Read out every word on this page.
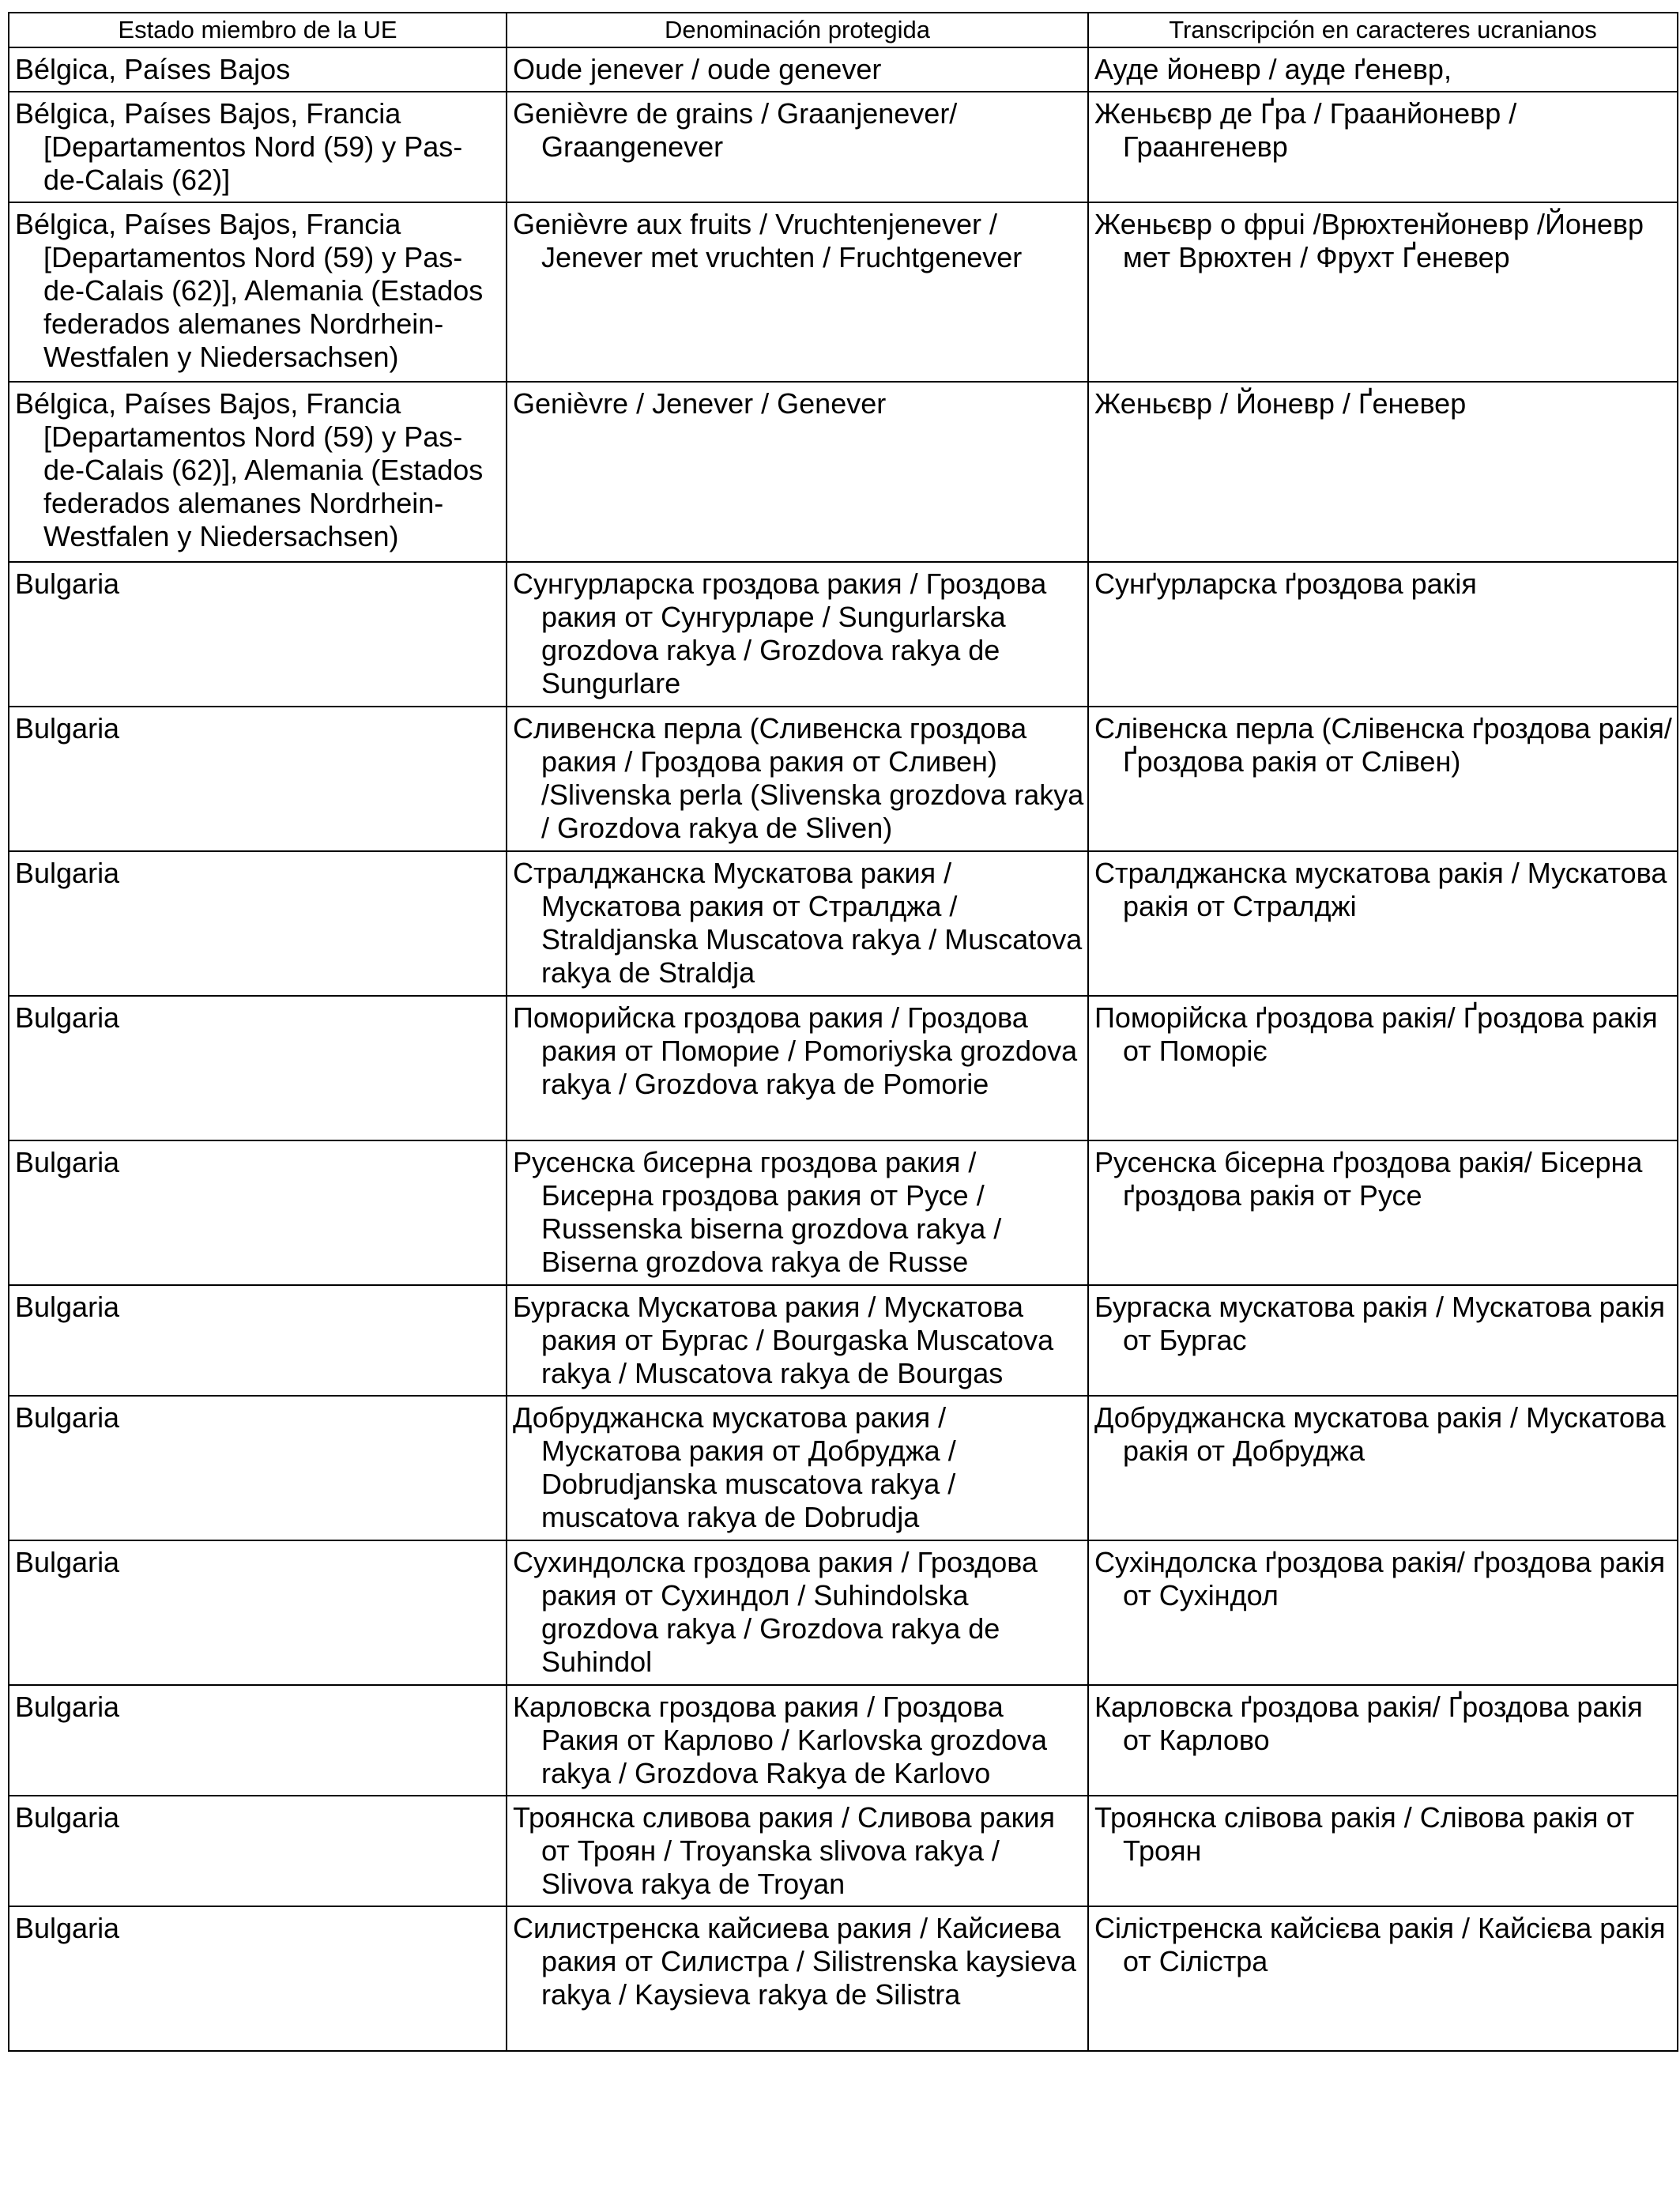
Estado miembro de la UE	Denominación protegida	Transcripción en caracteres ucranianos

Bélgica, Países Bajos	Oude jenever / oude genever	Ауде йоневр / ауде ґеневр,

Bélgica, Países Bajos, Francia [Departamentos Nord (59) y Pas-de-Calais (62)]	Genièvre de grains / Graanjenever/ Graangenever	Женьєвр де Ґра / Граанйоневр / Граангеневр

Bélgica, Países Bajos, Francia [Departamentos Nord (59) y Pas-de-Calais (62)], Alemania (Estados federados alemanes Nordrhein-Westfalen y Niedersachsen)	Genièvre aux fruits / Vruchtenjenever / Jenever met vruchten / Fruchtgenever	Женьєвр о фрuі /Врюхтенйоневр /Йоневр мет Врюхтен / Фрухт Ґеневер

Bélgica, Países Bajos, Francia [Departamentos Nord (59) y Pas-de-Calais (62)], Alemania (Estados federados alemanes Nordrhein-Westfalen y Niedersachsen)	Genièvre / Jenever / Genever	Женьєвр / Йоневр / Ґеневер

Bulgaria	Сунгурларска гроздова ракия / Гроздова ракия от Сунгурларе / Sungurlarska grozdova rakya / Grozdova rakya de Sungurlare	Сунґурларска ґроздова ракія

Bulgaria	Сливенска перла (Сливенска гроздова ракия / Гроздова ракия от Сливен) /Slivenska perla (Slivenska grozdova rakya / Grozdova rakya de Sliven)	Слівенска перла (Слівенска ґроздова ракія/ Ґроздова ракія от Слівен)

Bulgaria	Стралджанска Мускатова ракия / Мускатова ракия от Стралджа / Straldjanska Muscatova rakya / Muscatova rakya de Straldja	Стралджанска мускатова ракія / Мускатова ракія от Стралджі

Bulgaria	Поморийска гроздова ракия / Гроздова ракия от Поморие / Pomoriyska grozdova rakya / Grozdova rakya de Pomorie	Поморійска ґроздова ракія/ Ґроздова ракія от Поморіє

Bulgaria	Русенска бисерна гроздова ракия / Бисерна гроздова ракия от Русе / Russenska biserna grozdova rakya / Biserna grozdova rakya de Russe	Русенска бісерна ґроздова ракія/ Бісерна ґроздова ракія от Русе

Bulgaria	Бургаска Мускатова ракия / Мускатова ракия от Бургас / Bourgaska Muscatova rakya / Muscatova rakya de Bourgas	Бургаска мускатова ракія / Мускатова ракія от Бургас

Bulgaria	Добруджанска мускатова ракия / Мускатова ракия от Добруджа / Dobrudjanska muscatova rakya / muscatova rakya de Dobrudja	Добруджанска мускатова ракія / Мускатова ракія от Добруджа

Bulgaria	Сухиндолска гроздова ракия / Гроздова ракия от Сухиндол / Suhindolska grozdova rakya / Grozdova rakya de Suhindol	Сухіндолска ґроздова ракія/ ґроздова ракія от Сухіндол

Bulgaria	Карловска гроздова ракия / Гроздова Ракия от Карлово / Karlovska grozdova rakya / Grozdova Rakya de Karlovo	Карловска ґроздова ракія/ Ґроздова ракія от Карлово

Bulgaria	Троянска сливова ракия / Сливова ракия от Троян / Troyanska slivova rakya / Slivova rakya de Troyan	Троянска слівова ракія / Слівова ракія от Троян

Bulgaria	Силистренска кайсиева ракия / Кайсиева ракия от Силистра / Silistrenska kaysieva rakya / Kaysieva rakya de Silistra	Сілістренска кайсієва ракія / Кайсієва ракія от Сілістра
